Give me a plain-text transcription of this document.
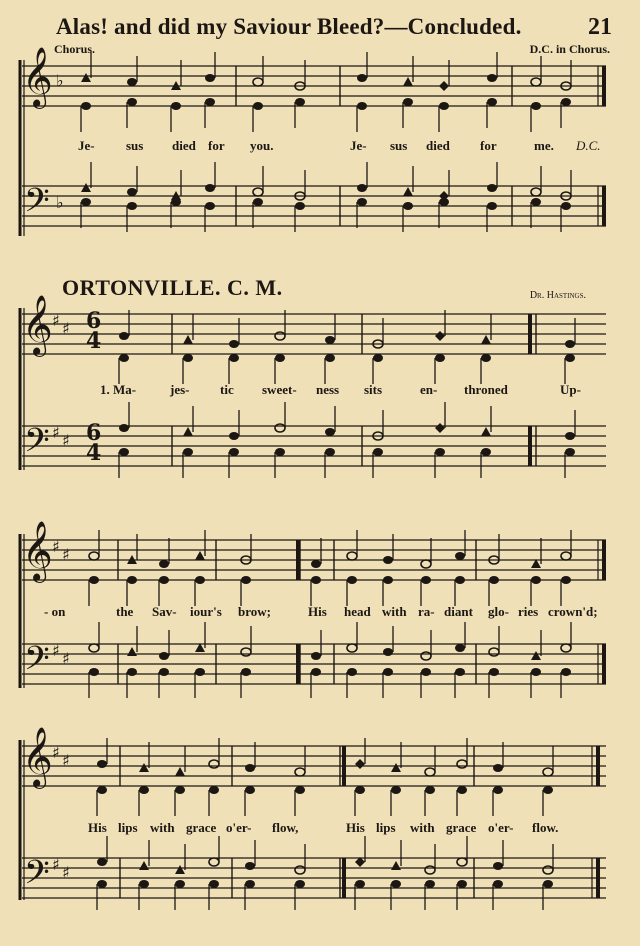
Alas! and did my Saviour Bleed?—Concluded.	21
Chorus.	D.C. in Chorus.
ORTONVILLE. C. M.	Dr. Hastings.
Je- sus died for you.	Je- sus died for	me. D.C.
1. Ma-	jes- tic sweet- ness sits	en- throned	Up-
- on	the Sav- iour's brow;	His head with ra- diant glo- ries crown'd;
His lips with grace o'er- flow,	His lips with grace o'er- flow.
𝄞
𝄢
♭
♭
𝄞
𝄢
♯ ♯
♯ ♯
𝄞
𝄢
♯ ♯
♯ ♯
𝄞
𝄢
♯ ♯
♯ ♯
6
4
6
4
